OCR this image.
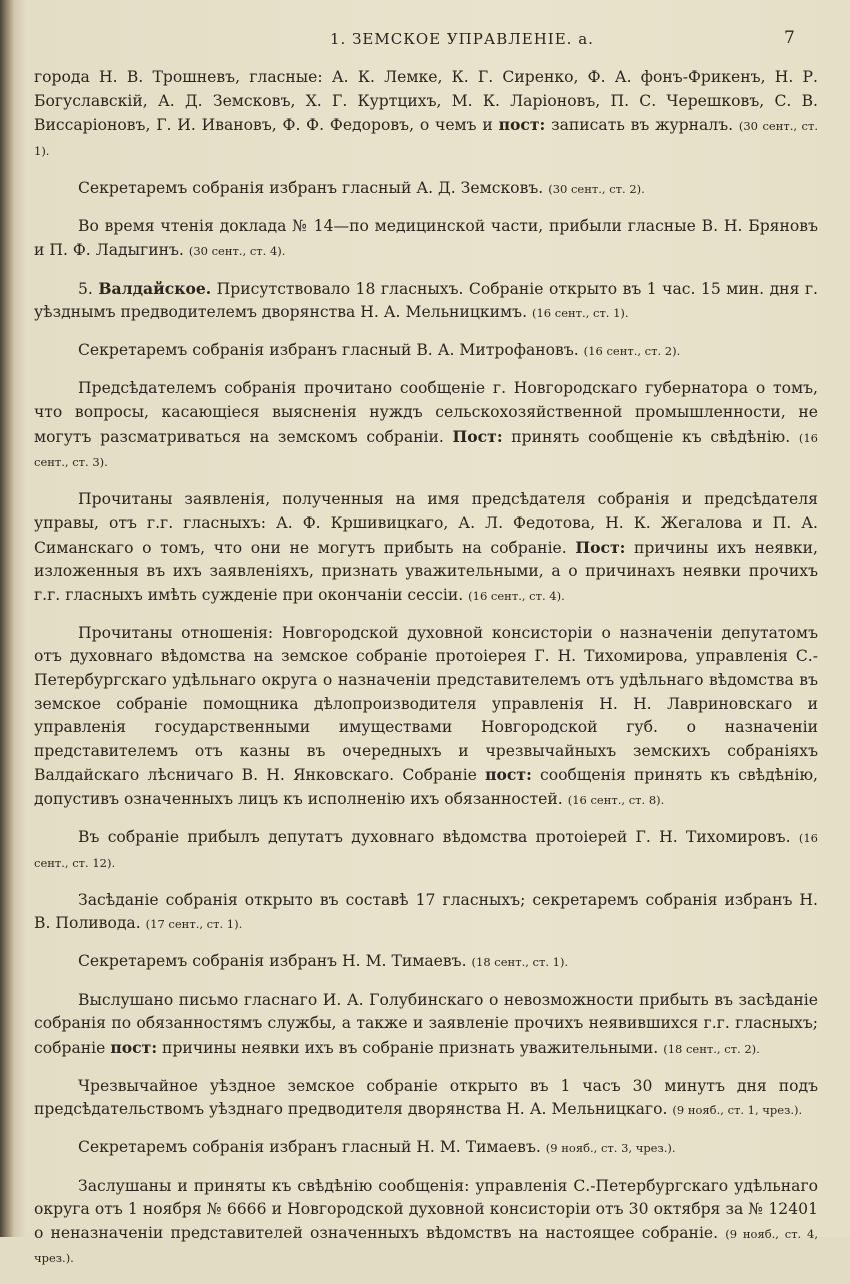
1. ЗЕМСКОЕ УПРАВЛЕНІЕ. а.	7

города Н. В. Трошневъ, гласные: А. К. Лемке, К. Г. Сиренко, Ф. А. фонъ-Фрикенъ, Н. Р. Богуславскій, А. Д. Земсковъ, Х. Г. Куртцихъ, М. К. Ларіоновъ, П. С. Черешковъ, С. В. Виссаріоновъ, Г. И. Ивановъ, Ф. Ф. Федоровъ, о чемъ и пост: записать въ журналъ. (30 сент., ст. 1).

Секретаремъ собранія избранъ гласный А. Д. Земсковъ. (30 сент., ст. 2).

Во время чтенія доклада № 14—по медицинской части, прибыли гласные В. Н. Бряновъ и П. Ф. Ладыгинъ. (30 сент., ст. 4).

5. Валдайское. Присутствовало 18 гласныхъ. Собраніе открыто въ 1 час. 15 мин. дня г. уѣзднымъ предводителемъ дворянства Н. А. Мельницкимъ. (16 сент., ст. 1).

Секретаремъ собранія избранъ гласный В. А. Митрофановъ. (16 сент., ст. 2).

Предсѣдателемъ собранія прочитано сообщеніе г. Новгородскаго губернатора о томъ, что вопросы, касающіеся выясненія нуждъ сельскохозяйственной промышленности, не могутъ разсматриваться на земскомъ собраніи. Пост: принять сообщеніе къ свѣдѣнію. (16 сент., ст. 3).

Прочитаны заявленія, полученныя на имя предсѣдателя собранія и предсѣдателя управы, отъ г.г. гласныхъ: А. Ф. Кршивицкаго, А. Л. Федотова, Н. К. Жегалова и П. А. Симанскаго о томъ, что они не могутъ прибыть на собраніе. Пост: причины ихъ неявки, изложенныя въ ихъ заявленіяхъ, признать уважительными, а о причинахъ неявки прочихъ г.г. гласныхъ имѣть сужденіе при окончаніи сессіи. (16 сент., ст. 4).

Прочитаны отношенія: Новгородской духовной консисторіи о назначеніи депутатомъ отъ духовнаго вѣдомства на земское собраніе протоіерея Г. Н. Тихомирова, управленія С.-Петербургскаго удѣльнаго округа о назначеніи представителемъ отъ удѣльнаго вѣдомства въ земское собраніе помощника дѣлопроизводителя управленія Н. Н. Лавриновскаго и управленія государственными имуществами Новгородской губ. о назначеніи представителемъ отъ казны въ очередныхъ и чрезвычайныхъ земскихъ собраніяхъ Валдайскаго лѣсничаго В. Н. Янковскаго. Собраніе пост: сообщенія принять къ свѣдѣнію, допустивъ означенныхъ лицъ къ исполненію ихъ обязанностей. (16 сент., ст. 8).

Въ собраніе прибылъ депутатъ духовнаго вѣдомства протоіерей Г. Н. Тихомировъ. (16 сент., ст. 12).

Засѣданіе собранія открыто въ составѣ 17 гласныхъ; секретаремъ собранія избранъ Н. В. Поливода. (17 сент., ст. 1).

Секретаремъ собранія избранъ Н. М. Тимаевъ. (18 сент., ст. 1).

Выслушано письмо гласнаго И. А. Голубинскаго о невозможности прибыть въ засѣданіе собранія по обязанностямъ службы, а также и заявленіе прочихъ неявившихся г.г. гласныхъ; собраніе пост: причины неявки ихъ въ собраніе признать уважительными. (18 сент., ст. 2).

Чрезвычайное уѣздное земское собраніе открыто въ 1 часъ 30 минутъ дня подъ предсѣдательствомъ уѣзднаго предводителя дворянства Н. А. Мельницкаго. (9 нояб., ст. 1, чрез.).

Секретаремъ собранія избранъ гласный Н. М. Тимаевъ. (9 нояб., ст. 3, чрез.).

Заслушаны и приняты къ свѣдѣнію сообщенія: управленія С.-Петербургскаго удѣльнаго округа отъ 1 ноября № 6666 и Новгородской духовной консисторіи отъ 30 октября за № 12401 о неназначеніи представителей означенныхъ вѣдомствъ на настоящее собраніе. (9 нояб., ст. 4, чрез.).
